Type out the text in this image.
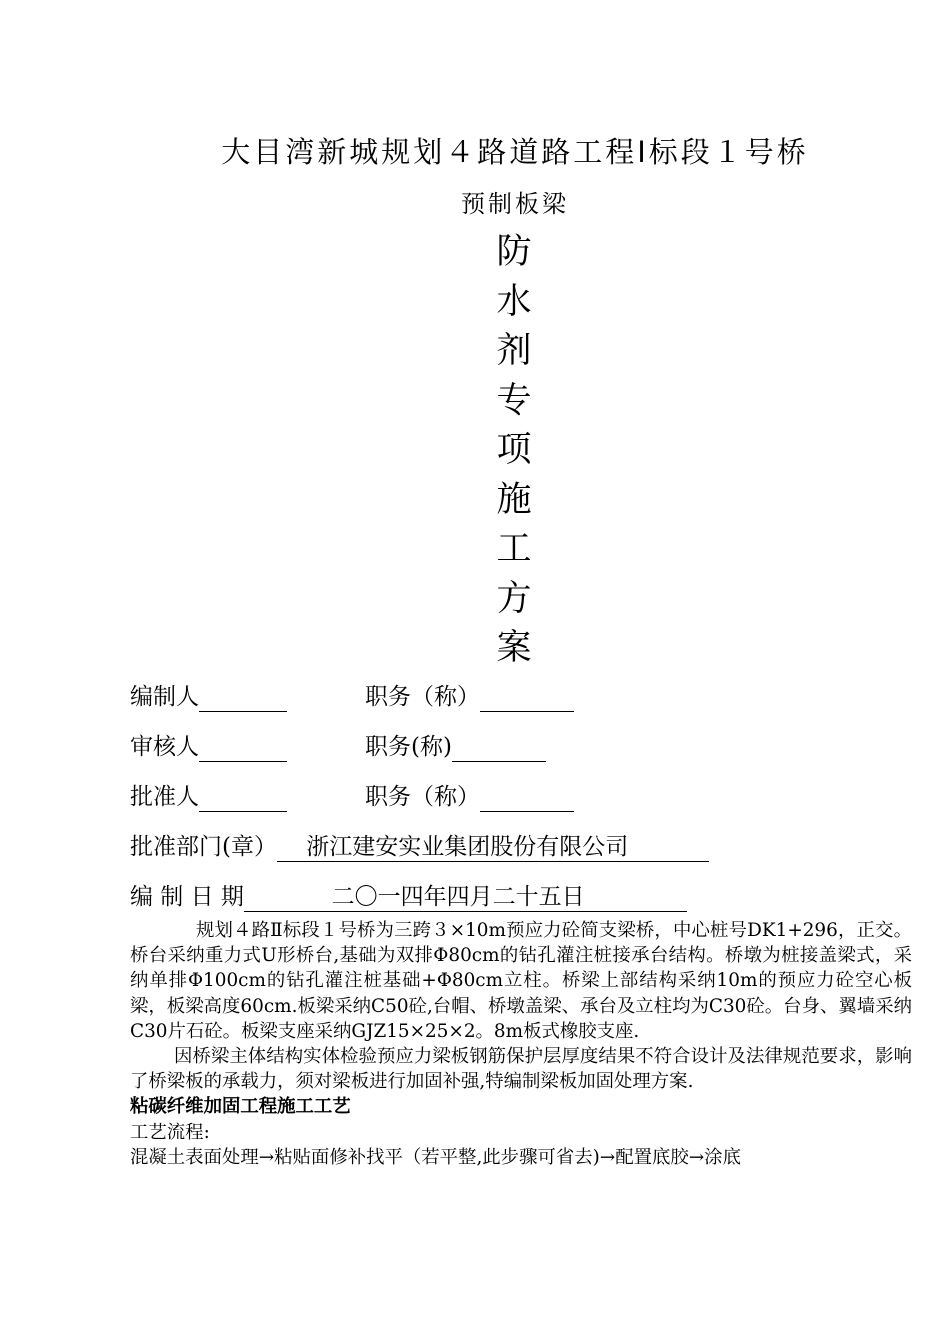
大目湾新城规划４路道路工程Ⅰ标段１号桥
预制板梁
防
水
剂
专
项
施
工
方
案
编制人	职务（称）
审核人	职务(称)
批准人	职务（称）
批准部门(章） 浙江建安实业集团股份有限公司
编 制 日 期	二〇一四年四月二十五日

规划４路Ⅱ标段１号桥为三跨３×10m预应力砼简支梁桥，中心桩号DK1+296，正交。桥台采纳重力式U形桥台,基础为双排Φ80cm的钻孔灌注桩接承台结构。桥墩为桩接盖梁式，采纳单排Φ100cm的钻孔灌注桩基础+Φ80cm立柱。桥梁上部结构采纳10m的预应力砼空心板梁，板梁高度60cm.板梁采纳C50砼,台帽、桥墩盖梁、承台及立柱均为C30砼。台身、翼墙采纳C30片石砼。板梁支座采纳GJZ15×25×2。8m板式橡胶支座.

因桥梁主体结构实体检验预应力梁板钢筋保护层厚度结果不符合设计及法律规范要求，影响了桥梁板的承载力，须对梁板进行加固补强,特编制梁板加固处理方案.

粘碳纤维加固工程施工工艺

工艺流程:

混凝土表面处理→粘贴面修补找平（若平整,此步骤可省去)→配置底胶→涂底
